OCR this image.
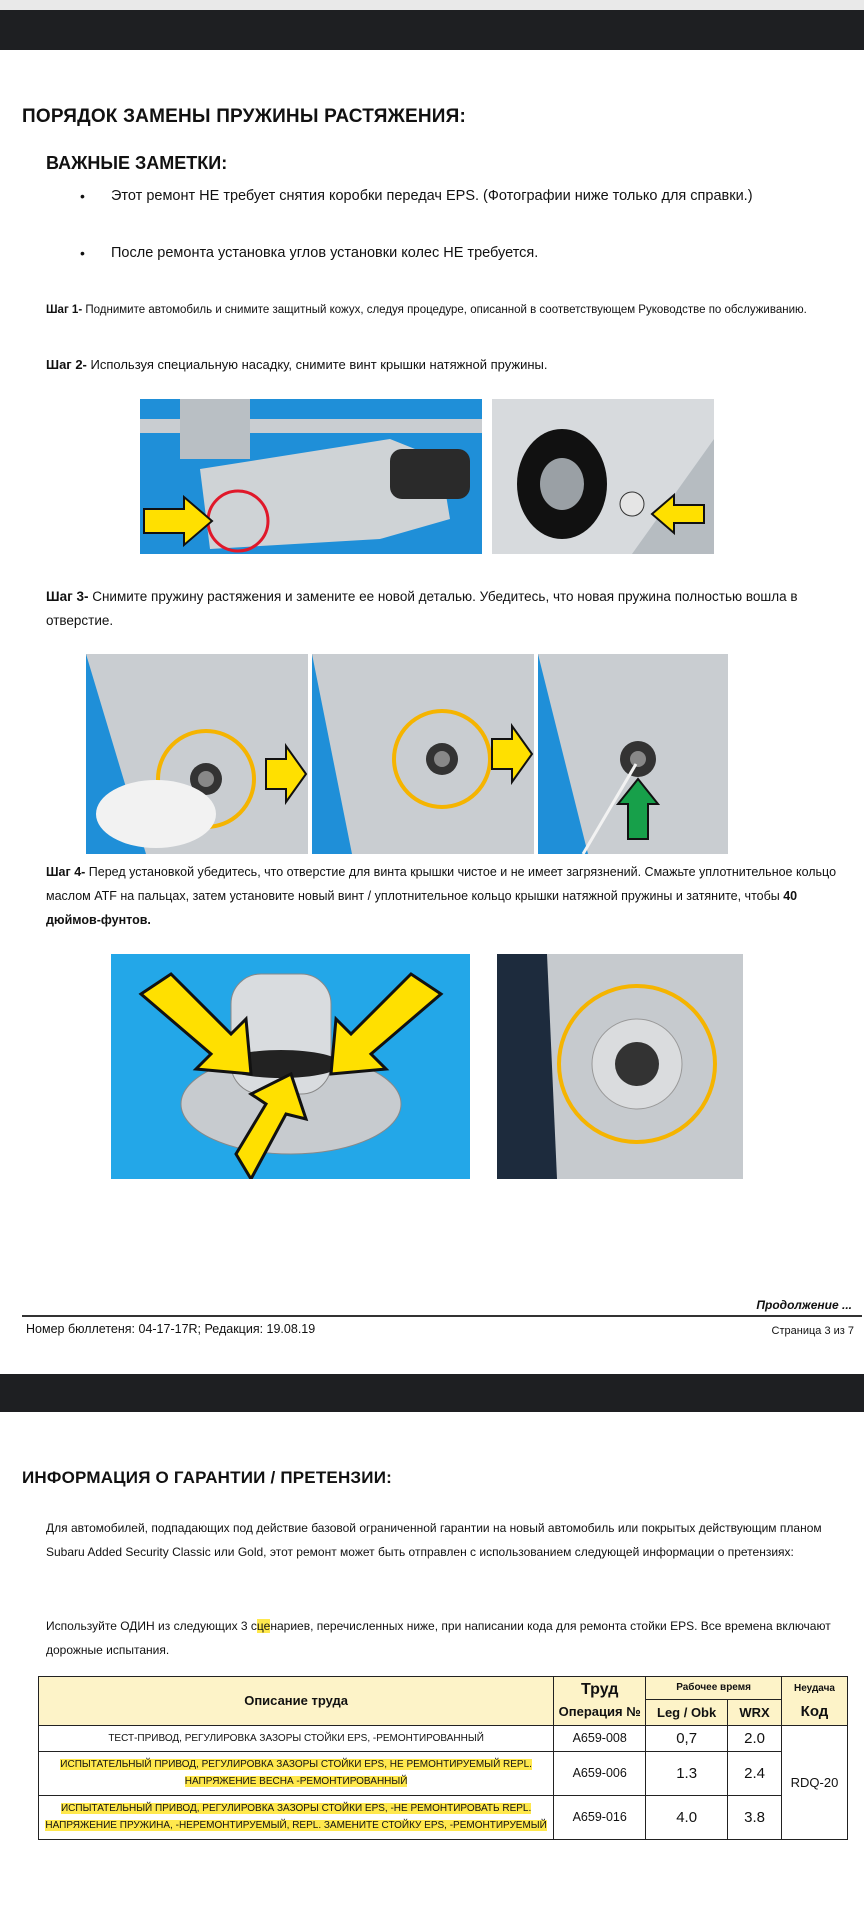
ПОРЯДОК ЗАМЕНЫ ПРУЖИНЫ РАСТЯЖЕНИЯ:
ВАЖНЫЕ ЗАМЕТКИ:
•	Этот ремонт НЕ требует снятия коробки передач EPS. (Фотографии ниже только для справки.)
•	После ремонта установка углов установки колес НЕ требуется.
Шаг 1- Поднимите автомобиль и снимите защитный кожух, следуя процедуре, описанной в соответствующем Руководстве по обслуживанию.
Шаг 2- Используя специальную насадку, снимите винт крышки натяжной пружины.
Шаг 3- Снимите пружину растяжения и замените ее новой деталью. Убедитесь, что новая пружина полностью вошла в отверстие.
Шаг 4- Перед установкой убедитесь, что отверстие для винта крышки чистое и не имеет загрязнений. Смажьте уплотнительное кольцо маслом ATF на пальцах, затем установите новый винт / уплотнительное кольцо крышки натяжной пружины и затяните, чтобы 40 дюймов-фунтов.
Продолжение ...
Номер бюллетеня: 04-17-17R; Редакция: 19.08.19	Страница 3 из 7
ИНФОРМАЦИЯ О ГАРАНТИИ / ПРЕТЕНЗИИ:
Для автомобилей, подпадающих под действие базовой ограниченной гарантии на новый автомобиль или покрытых действующим планом Subaru Added Security Classic или Gold, этот ремонт может быть отправлен с использованием следующей информации о претензиях:
Используйте ОДИН из следующих 3 сценариев, перечисленных ниже, при написании кода для ремонта стойки EPS. Все времена включают дорожные испытания.
Описание труда	Труд	Рабочее время		Неудача
	Операция №	Leg / Obk	WRX	Код
ТЕСТ-ПРИВОД, РЕГУЛИРОВКА ЗАЗОРЫ СТОЙКИ EPS, -РЕМОНТИРОВАННЫЙ	A659-008	0,7	2.0	RDQ-20
ИСПЫТАТЕЛЬНЫЙ ПРИВОД, РЕГУЛИРОВКА ЗАЗОРЫ СТОЙКИ EPS, НЕ РЕМОНТИРУЕМЫЙ REPL. НАПРЯЖЕНИЕ ВЕСНА -РЕМОНТИРОВАННЫЙ	A659-006	1.3	2.4	
ИСПЫТАТЕЛЬНЫЙ ПРИВОД, РЕГУЛИРОВКА ЗАЗОРЫ СТОЙКИ EPS, -НЕ РЕМОНТИРОВАТЬ REPL. НАПРЯЖЕНИЕ ПРУЖИНА, -НЕРЕМОНТИРУЕМЫЙ, REPL. ЗАМЕНИТЕ СТОЙКУ EPS, -РЕМОНТИРУЕМЫЙ	A659-016	4.0	3.8	
